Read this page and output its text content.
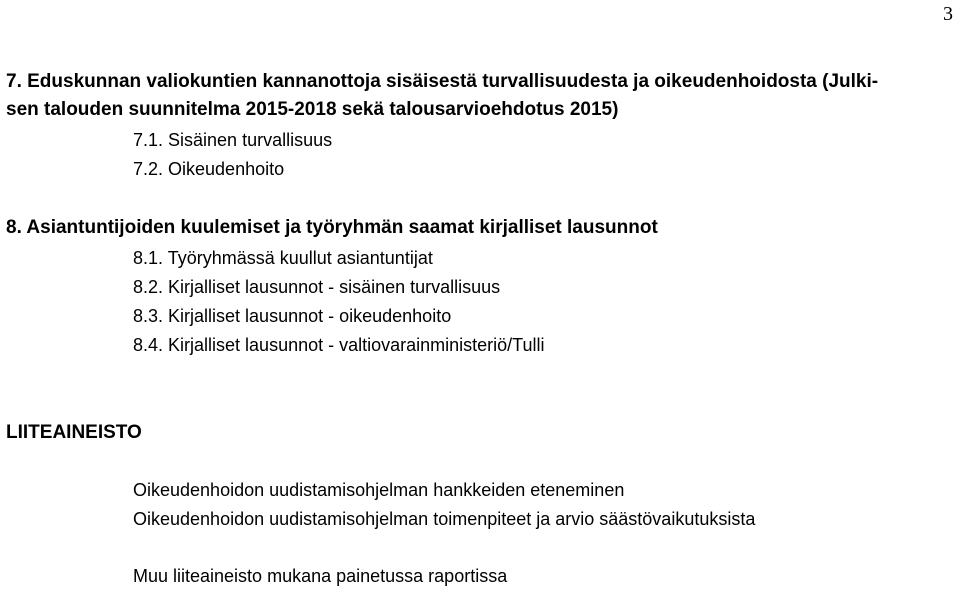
3
7. Eduskunnan valiokuntien kannanottoja sisäisestä turvallisuudesta ja oikeudenhoidosta (Julki-
sen talouden suunnitelma 2015-2018 sekä talousarvioehdotus 2015)
7.1. Sisäinen turvallisuus
7.2. Oikeudenhoito
8. Asiantuntijoiden kuulemiset ja työryhmän saamat kirjalliset lausunnot
8.1. Työryhmässä kuullut asiantuntijat
8.2. Kirjalliset lausunnot - sisäinen turvallisuus
8.3. Kirjalliset lausunnot - oikeudenhoito
8.4. Kirjalliset lausunnot - valtiovarainministeriö/Tulli
LIITEAINEISTO
Oikeudenhoidon uudistamisohjelman hankkeiden eteneminen
Oikeudenhoidon uudistamisohjelman toimenpiteet ja arvio säästövaikutuksista
Muu liiteaineisto mukana painetussa raportissa
